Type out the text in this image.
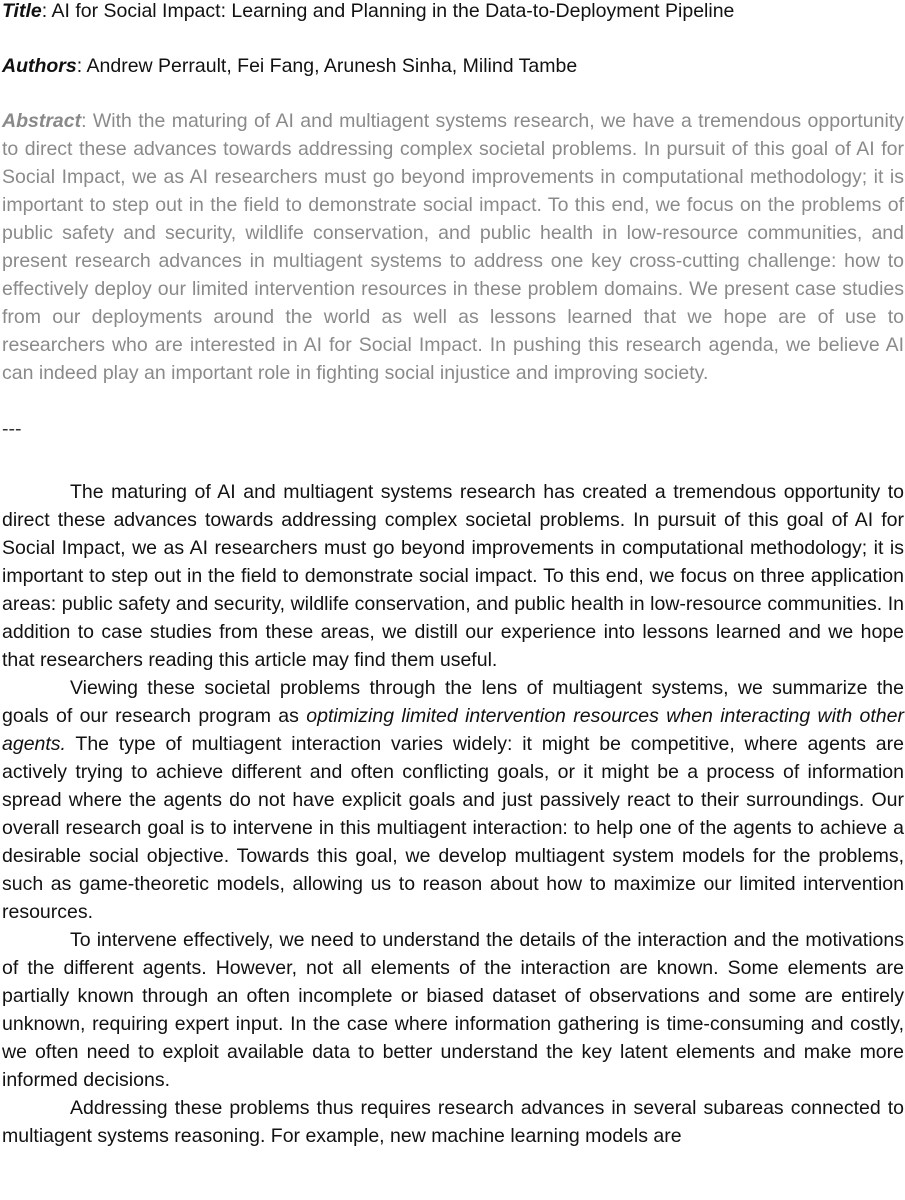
Title: AI for Social Impact: Learning and Planning in the Data-to-Deployment Pipeline

Authors: Andrew Perrault, Fei Fang, Arunesh Sinha, Milind Tambe

Abstract: With the maturing of AI and multiagent systems research, we have a tremendous opportunity to direct these advances towards addressing complex societal problems. In pursuit of this goal of AI for Social Impact, we as AI researchers must go beyond improvements in computational methodology; it is important to step out in the field to demonstrate social impact. To this end, we focus on the problems of public safety and security, wildlife conservation, and public health in low-resource communities, and present research advances in multiagent systems to address one key cross-cutting challenge: how to effectively deploy our limited intervention resources in these problem domains. We present case studies from our deployments around the world as well as lessons learned that we hope are of use to researchers who are interested in AI for Social Impact. In pushing this research agenda, we believe AI can indeed play an important role in fighting social injustice and improving society.

---

The maturing of AI and multiagent systems research has created a tremendous opportunity to direct these advances towards addressing complex societal problems. In pursuit of this goal of AI for Social Impact, we as AI researchers must go beyond improvements in computational methodology; it is important to step out in the field to demonstrate social impact. To this end, we focus on three application areas: public safety and security, wildlife conservation, and public health in low-resource communities. In addition to case studies from these areas, we distill our experience into lessons learned and we hope that researchers reading this article may find them useful.

Viewing these societal problems through the lens of multiagent systems, we summarize the goals of our research program as optimizing limited intervention resources when interacting with other agents. The type of multiagent interaction varies widely: it might be competitive, where agents are actively trying to achieve different and often conflicting goals, or it might be a process of information spread where the agents do not have explicit goals and just passively react to their surroundings. Our overall research goal is to intervene in this multiagent interaction: to help one of the agents to achieve a desirable social objective. Towards this goal, we develop multiagent system models for the problems, such as game-theoretic models, allowing us to reason about how to maximize our limited intervention resources.

To intervene effectively, we need to understand the details of the interaction and the motivations of the different agents. However, not all elements of the interaction are known. Some elements are partially known through an often incomplete or biased dataset of observations and some are entirely unknown, requiring expert input. In the case where information gathering is time-consuming and costly, we often need to exploit available data to better understand the key latent elements and make more informed decisions.

Addressing these problems thus requires research advances in several subareas connected to multiagent systems reasoning. For example, new machine learning models are
